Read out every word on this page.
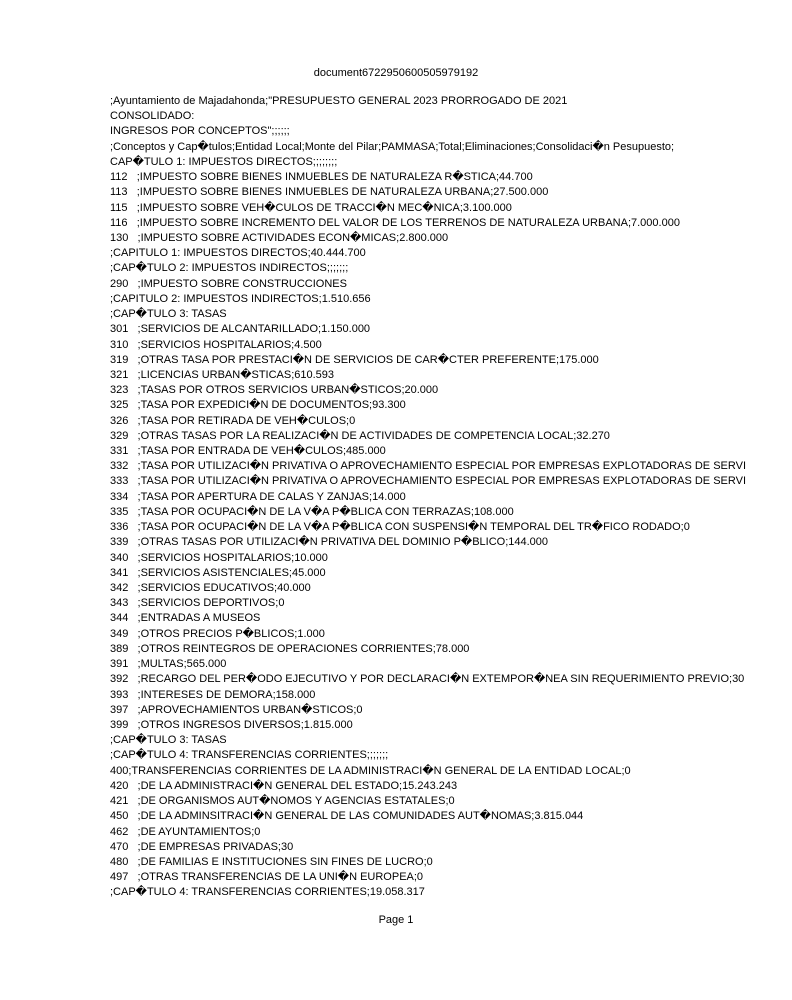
document6722950600505979192
;Ayuntamiento de Majadahonda;"PRESUPUESTO GENERAL 2023 PRORROGADO DE 2021
CONSOLIDADO:
INGRESOS POR CONCEPTOS";;;;;;
;Conceptos y Cap�tulos;Entidad Local;Monte del Pilar;PAMMASA;Total;Eliminaciones;Consolidaci�n Pesupuesto;
CAP�TULO 1: IMPUESTOS DIRECTOS;;;;;;;;
112   ;IMPUESTO SOBRE BIENES INMUEBLES DE NATURALEZA R�STICA;44.700
113   ;IMPUESTO SOBRE BIENES INMUEBLES DE NATURALEZA URBANA;27.500.000
115   ;IMPUESTO SOBRE VEH�CULOS DE TRACCI�N MEC�NICA;3.100.000
116   ;IMPUESTO SOBRE INCREMENTO DEL VALOR DE LOS TERRENOS DE NATURALEZA URBANA;7.000.000
130   ;IMPUESTO SOBRE ACTIVIDADES ECON�MICAS;2.800.000
;CAPITULO 1: IMPUESTOS DIRECTOS;40.444.700
;CAP�TULO 2: IMPUESTOS INDIRECTOS;;;;;;;
290   ;IMPUESTO SOBRE CONSTRUCCIONES
;CAPITULO 2: IMPUESTOS INDIRECTOS;1.510.656
;CAP�TULO 3: TASAS
301   ;SERVICIOS DE ALCANTARILLADO;1.150.000
310   ;SERVICIOS HOSPITALARIOS;4.500
319   ;OTRAS TASA POR PRESTACI�N DE SERVICIOS DE CAR�CTER PREFERENTE;175.000
321   ;LICENCIAS URBAN�STICAS;610.593
323   ;TASAS POR OTROS SERVICIOS URBAN�STICOS;20.000
325   ;TASA POR EXPEDICI�N DE DOCUMENTOS;93.300
326   ;TASA POR RETIRADA DE VEH�CULOS;0
329   ;OTRAS TASAS POR LA REALIZACI�N DE ACTIVIDADES DE COMPETENCIA LOCAL;32.270
331   ;TASA POR ENTRADA DE VEH�CULOS;485.000
332   ;TASA POR UTILIZACI�N PRIVATIVA O APROVECHAMIENTO ESPECIAL POR EMPRESAS EXPLOTADORAS DE SERVI
333   ;TASA POR UTILIZACI�N PRIVATIVA O APROVECHAMIENTO ESPECIAL POR EMPRESAS EXPLOTADORAS DE SERVI
334   ;TASA POR APERTURA DE CALAS Y ZANJAS;14.000
335   ;TASA POR OCUPACI�N DE LA V�A P�BLICA CON TERRAZAS;108.000
336   ;TASA POR OCUPACI�N DE LA V�A P�BLICA CON SUSPENSI�N TEMPORAL DEL TR�FICO RODADO;0
339   ;OTRAS TASAS POR UTILIZACI�N PRIVATIVA DEL DOMINIO P�BLICO;144.000
340   ;SERVICIOS HOSPITALARIOS;10.000
341   ;SERVICIOS ASISTENCIALES;45.000
342   ;SERVICIOS EDUCATIVOS;40.000
343   ;SERVICIOS DEPORTIVOS;0
344   ;ENTRADAS A MUSEOS
349   ;OTROS PRECIOS P�BLICOS;1.000
389   ;OTROS REINTEGROS DE OPERACIONES CORRIENTES;78.000
391   ;MULTAS;565.000
392   ;RECARGO DEL PER�ODO EJECUTIVO Y POR DECLARACI�N EXTEMPOR�NEA SIN REQUERIMIENTO PREVIO;30
393   ;INTERESES DE DEMORA;158.000
397   ;APROVECHAMIENTOS URBAN�STICOS;0
399   ;OTROS INGRESOS DIVERSOS;1.815.000
;CAP�TULO 3: TASAS
;CAP�TULO 4: TRANSFERENCIAS CORRIENTES;;;;;;;
400;TRANSFERENCIAS CORRIENTES DE LA ADMINISTRACI�N GENERAL DE LA ENTIDAD LOCAL;0
420   ;DE LA ADMINISTRACI�N GENERAL DEL ESTADO;15.243.243
421   ;DE ORGANISMOS AUT�NOMOS Y AGENCIAS ESTATALES;0
450   ;DE LA ADMINSITRACI�N GENERAL DE LAS COMUNIDADES AUT�NOMAS;3.815.044
462   ;DE AYUNTAMIENTOS;0
470   ;DE EMPRESAS PRIVADAS;30
480   ;DE FAMILIAS E INSTITUCIONES SIN FINES DE LUCRO;0
497   ;OTRAS TRANSFERENCIAS DE LA UNI�N EUROPEA;0
;CAP�TULO 4: TRANSFERENCIAS CORRIENTES;19.058.317
Page 1
